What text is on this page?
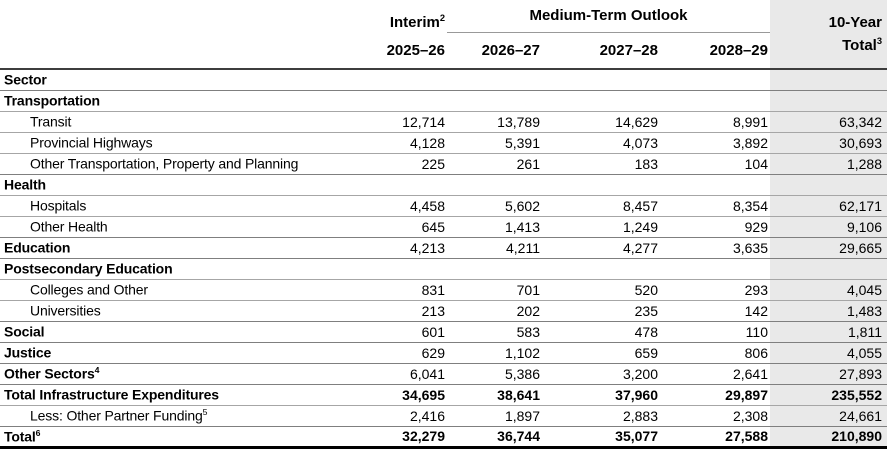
	Interim$^2$	Medium-Term Outlook			10-Year
Total$^3$

	2025–26	2026–27	2027–28	2028–29	
Sector					
Transportation					
Transit	12,714	13,789	14,629	8,991	63,342
Provincial Highways	4,128	5,391	4,073	3,892	30,693
Other Transportation, Property and Planning	225	261	183	104	1,288
Health					
Hospitals	4,458	5,602	8,457	8,354	62,171
Other Health	645	1,413	1,249	929	9,106
Education	4,213	4,211	4,277	3,635	29,665
Postsecondary Education					
Colleges and Other	831	701	520	293	4,045
Universities	213	202	235	142	1,483
Social	601	583	478	110	1,811
Justice	629	1,102	659	806	4,055
Other Sectors$^4$	6,041	5,386	3,200	2,641	27,893
Total Infrastructure Expenditures	34,695	38,641	37,960	29,897	235,552
Less: Other Partner Funding$^5$	2,416	1,897	2,883	2,308	24,661
Total$^6$	32,279	36,744	35,077	27,588	210,890
